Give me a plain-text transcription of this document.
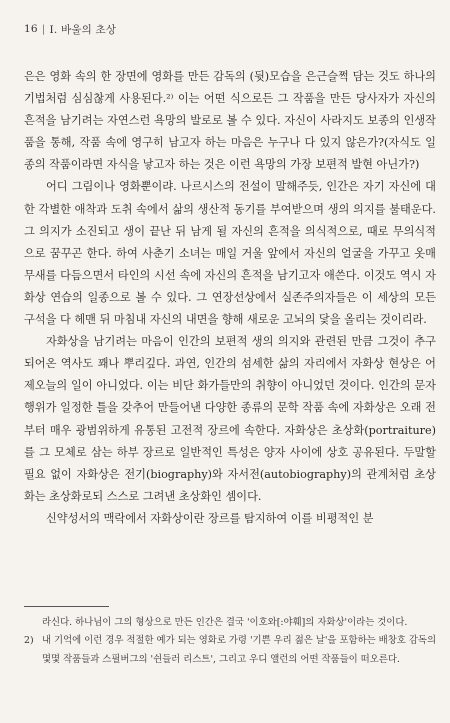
16 | I. 바울의 초상

은은 영화 속의 한 장면에 영화를 만든 감독의 (뒷)모습을 은근슬쩍 담는 것도 하나의 기법처럼 심심찮게 사용된다.²⁾ 이는 어떤 식으로든 그 작품을 만든 당사자가 자신의 흔적을 남기려는 자연스런 욕망의 발로로 볼 수 있다. 자신이 사라지도 보종의 인생작품을 통해, 작품 속에 영구히 남고자 하는 마음은 누구나 다 있지 않은가?(자식도 일종의 작품이라면 자식을 낳고자 하는 것은 이런 욕망의 가장 보편적 발현 아닌가?)

어디 그림이나 영화뿐이랴. 나르시스의 전설이 말해주듯, 인간은 자기 자신에 대한 각별한 애착과 도취 속에서 삶의 생산적 동기를 부여받으며 생의 의지를 불태운다. 그 의지가 소진되고 생이 끝난 뒤 남게 될 자신의 흔적을 의식적으로, 때로 무의식적으로 꿈꾸곤 한다. 하여 사춘기 소녀는 매일 거울 앞에서 자신의 얼굴을 가꾸고 옷매무새를 다듬으면서 타인의 시선 속에 자신의 흔적을 남기고자 애쓴다. 이것도 역시 자화상 연습의 일종으로 볼 수 있다. 그 연장선상에서 실존주의자들은 이 세상의 모든 구석을 다 헤맨 뒤 마침내 자신의 내면을 향해 새로운 고뇌의 닻을 올리는 것이리라.

자화상을 남기려는 마음이 인간의 보편적 생의 의지와 관련된 만큼 그것이 추구되어온 역사도 꽤나 뿌리깊다. 과연, 인간의 섬세한 삶의 자리에서 자화상 현상은 어제오늘의 일이 아니었다. 이는 비단 화가들만의 취향이 아니었던 것이다. 인간의 문자 행위가 일정한 틀을 갖추어 만들어낸 다양한 종류의 문학 작품 속에 자화상은 오래 전부터 매우 광범위하게 유통된 고전적 장르에 속한다. 자화상은 초상화(portraiture)를 그 모체로 삼는 하부 장르로 일반적인 특성은 양자 사이에 상호 공유된다. 두말할 필요 없이 자화상은 전기(biography)와 자서전(autobiography)의 관계처럼 초상화는 초상화로되 스스로 그려낸 초상화인 셈이다.

신약성서의 맥락에서 자화상이란 장르를 탐지하여 이를 비평적인 분

라신다. 하나님이 그의 형상으로 만든 인간은 결국 '이호와[:야훼]의 자화상'이라는 것이다.

2) 내 기억에 이런 경우 적절한 예가 되는 영화로 가령 '기쁜 우리 젊은 날'을 포함하는 배창호 감독의 몇몇 작품들과 스필버그의 '쉰들러 리스트', 그리고 우디 앨런의 어떤 작품들이 떠오른다.
